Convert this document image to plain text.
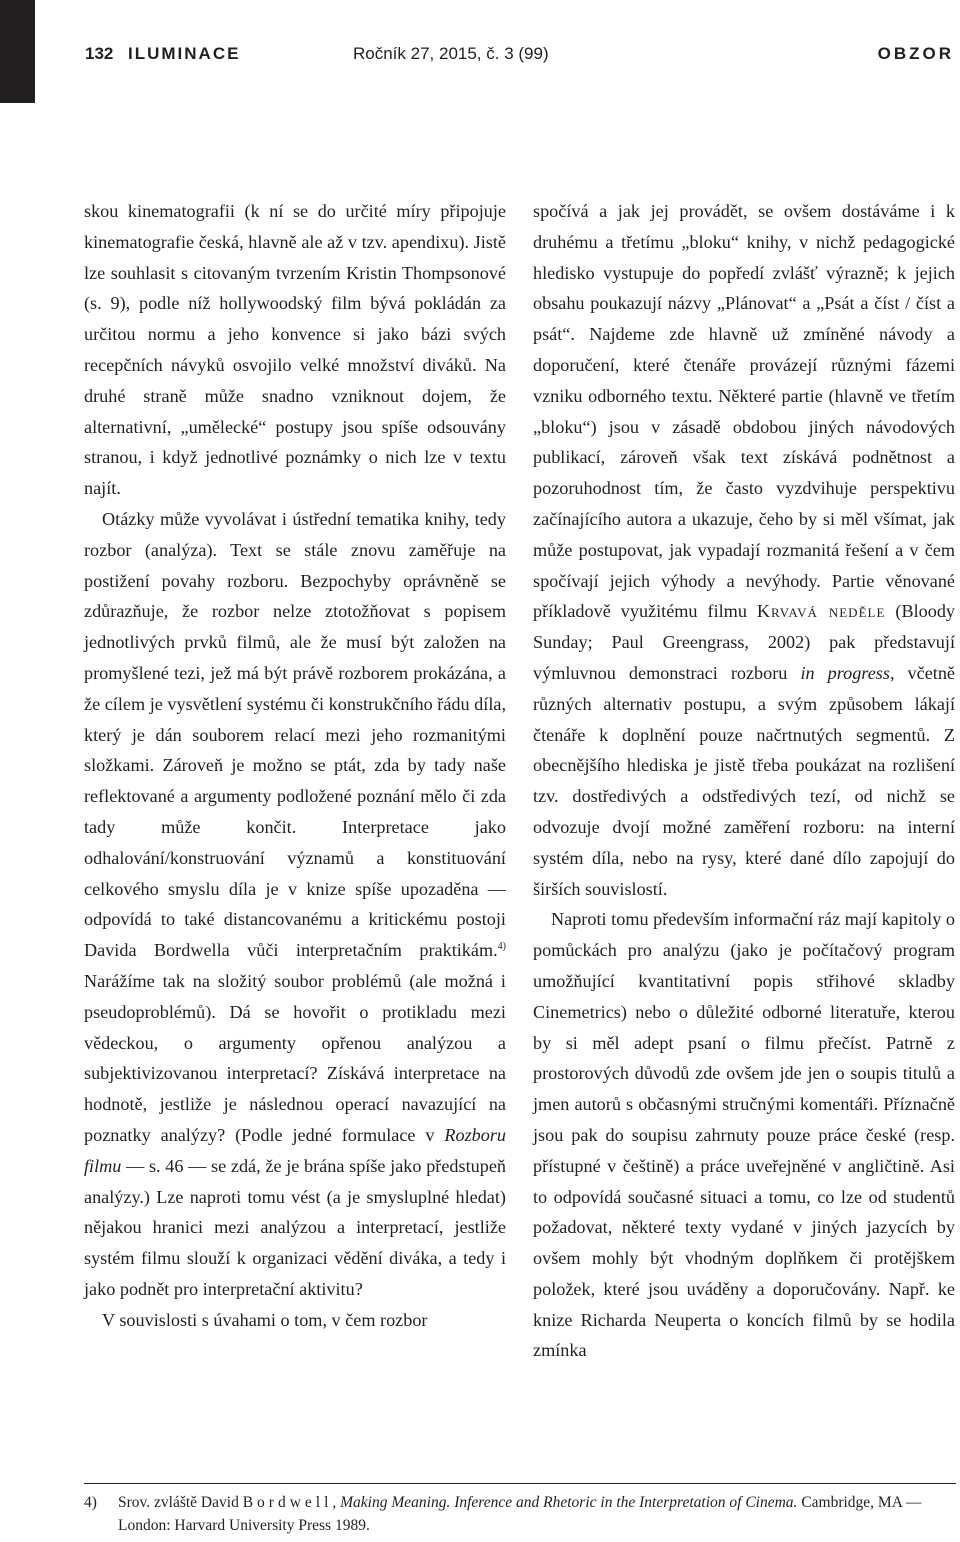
132 ILUMINACE	Ročník 27, 2015, č. 3 (99)	OBZOR

skou kinematografii (k ní se do určité míry připojuje kinematografie česká, hlavně ale až v tzv. apendixu). Jistě lze souhlasit s citovaným tvrzením Kristin Thompsonové (s. 9), podle níž hollywoodský film bývá pokládán za určitou normu a jeho konvence si jako bázi svých recepčních návyků osvojilo velké množství diváků. Na druhé straně může snadno vzniknout dojem, že alternativní, „umělecké“ postupy jsou spíše odsouvány stranou, i když jednotlivé poznámky o nich lze v textu najít.

Otázky může vyvolávat i ústřední tematika knihy, tedy rozbor (analýza). Text se stále znovu zaměřuje na postižení povahy rozboru. Bezpochyby oprávněně se zdůrazňuje, že rozbor nelze ztotožňovat s popisem jednotlivých prvků filmů, ale že musí být založen na promyšlené tezi, jež má být právě rozborem prokázána, a že cílem je vysvětlení systému či konstrukčního řádu díla, který je dán souborem relací mezi jeho rozmanitými složkami. Zároveň je možno se ptát, zda by tady naše reflektované a argumenty podložené poznání mělo či zda tady může končit. Interpretace jako odhalování/konstruování významů a konstituování celkového smyslu díla je v knize spíše upozaděna — odpovídá to také distancovanému a kritickému postoji Davida Bordwella vůči interpretačním praktikám.$^{4)}$ Narážíme tak na složitý soubor problémů (ale možná i pseudoproblémů). Dá se hovořit o protikladu mezi vědeckou, o argumenty opřenou analýzou a subjektivizovanou interpretací? Získává interpretace na hodnotě, jestliže je následnou operací navazující na poznatky analýzy? (Podle jedné formulace v Rozboru filmu — s. 46 — se zdá, že je brána spíše jako předstupeň analýzy.) Lze naproti tomu vést (a je smysluplné hledat) nějakou hranici mezi analýzou a interpretací, jestliže systém filmu slouží k organizaci vědění diváka, a tedy i jako podnět pro interpretační aktivitu?

V souvislosti s úvahami o tom, v čem rozbor

spočívá a jak jej provádět, se ovšem dostáváme i k druhému a třetímu „bloku“ knihy, v nichž pedagogické hledisko vystupuje do popředí zvlášť výrazně; k jejich obsahu poukazují názvy „Plánovat“ a „Psát a číst / číst a psát“. Najdeme zde hlavně už zmíněné návody a doporučení, které čtenáře provázejí různými fázemi vzniku odborného textu. Některé partie (hlavně ve třetím „bloku“) jsou v zásadě obdobou jiných návodových publikací, zároveň však text získává podnětnost a pozoruhodnost tím, že často vyzdvihuje perspektivu začínajícího autora a ukazuje, čeho by si měl všímat, jak může postupovat, jak vypadají rozmanitá řešení a v čem spočívají jejich výhody a nevýhody. Partie věnované příkladově využitému filmu Krvavá neděle (Bloody Sunday; Paul Greengrass, 2002) pak představují výmluvnou demonstraci rozboru in progress, včetně různých alternativ postupu, a svým způsobem lákají čtenáře k doplnění pouze načrtnutých segmentů. Z obecnějšího hlediska je jistě třeba poukázat na rozlišení tzv. dostředivých a odstředivých tezí, od nichž se odvozuje dvojí možné zaměření rozboru: na interní systém díla, nebo na rysy, které dané dílo zapojují do širších souvislostí.

Naproti tomu především informační ráz mají kapitoly o pomůckách pro analýzu (jako je počítačový program umožňující kvantitativní popis střihové skladby Cinemetrics) nebo o důležité odborné literatuře, kterou by si měl adept psaní o filmu přečíst. Patrně z prostorových důvodů zde ovšem jde jen o soupis titulů a jmen autorů s občasnými stručnými komentáři. Příznačně jsou pak do soupisu zahrnuty pouze práce české (resp. přístupné v češtině) a práce uveřejněné v angličtině. Asi to odpovídá současné situaci a tomu, co lze od studentů požadovat, některé texty vydané v jiných jazycích by ovšem mohly být vhodným doplňkem či protějškem položek, které jsou uváděny a doporučovány. Např. ke knize Richarda Neuperta o koncích filmů by se hodila zmínka

4) Srov. zvláště David Bordwell, Making Meaning. Inference and Rhetoric in the Interpretation of Cinema. Cambridge, MA — London: Harvard University Press 1989.
